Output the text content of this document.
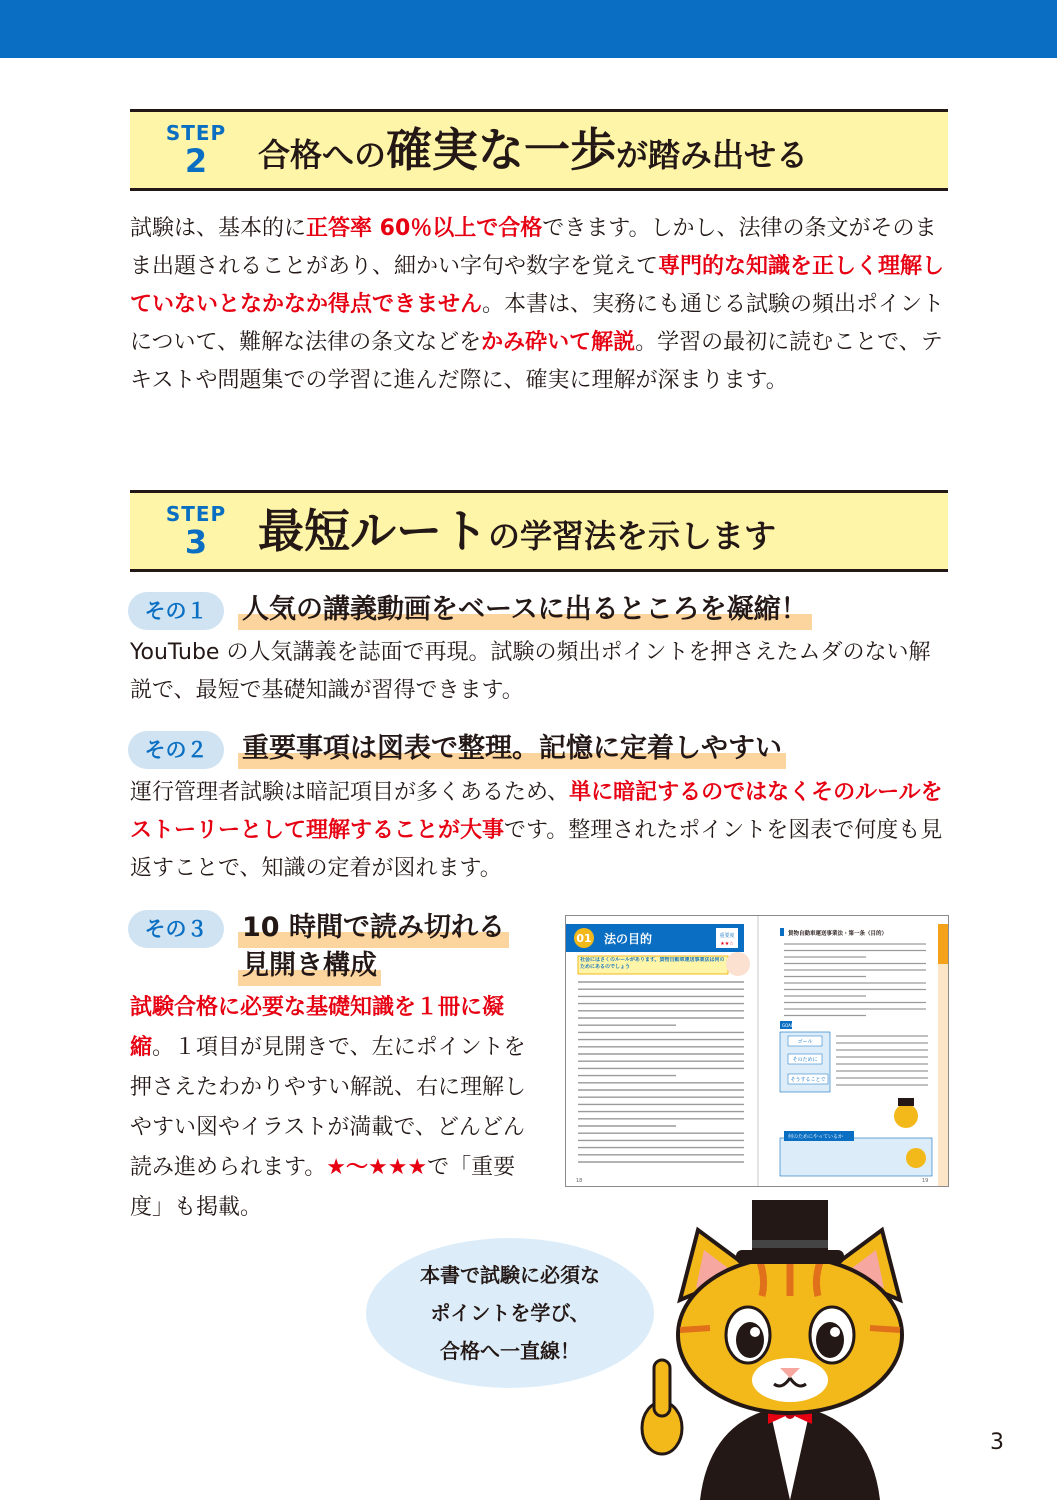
STEP
2	合格への確実な一歩が踏み出せる

試験は、基本的に正答率 60％以上で合格できます。しかし、法律の条文がそのまま出題されることがあり、細かい字句や数字を覚えて専門的な知識を正しく理解していないとなかなか得点できません。本書は、実務にも通じる試験の頻出ポイントについて、難解な法律の条文などをかみ砕いて解説。学習の最初に読むことで、テキストや問題集での学習に進んだ際に、確実に理解が深まります。

STEP
3	最短ルートの学習法を示します
その１	人気の講義動画をベースに出るところを凝縮！

YouTube の人気講義を誌面で再現。試験の頻出ポイントを押さえたムダのない解説で、最短で基礎知識が習得できます。

その２	重要事項は図表で整理。記憶に定着しやすい

運行管理者試験は暗記項目が多くあるため、単に暗記するのではなくそのルールをストーリーとして理解することが大事です。整理されたポイントを図表で何度も見返すことで、知識の定着が図れます。

その３	10 時間で読み切れる
見開き構成

試験合格に必要な基礎知識を１冊に凝縮。１項目が見開きで、左にポイントを押さえたわかりやすい解説、右に理解しやすい図やイラストが満載で、どんどん読み進められます。★〜★★★で「重要度」も掲載。

01 法の目的	重要度
★★☆
社会にはさくのルールがあります。貨物自動車運送事業法は何のためにあるのでしょう
18
貨物自動車運送事業法・第一条（目的）
GOAL
ゴール
そのために
そうすることで
何のためにやっているか
19
本書で試験に必須な
ポイントを学び、
合格へ一直線！
3
